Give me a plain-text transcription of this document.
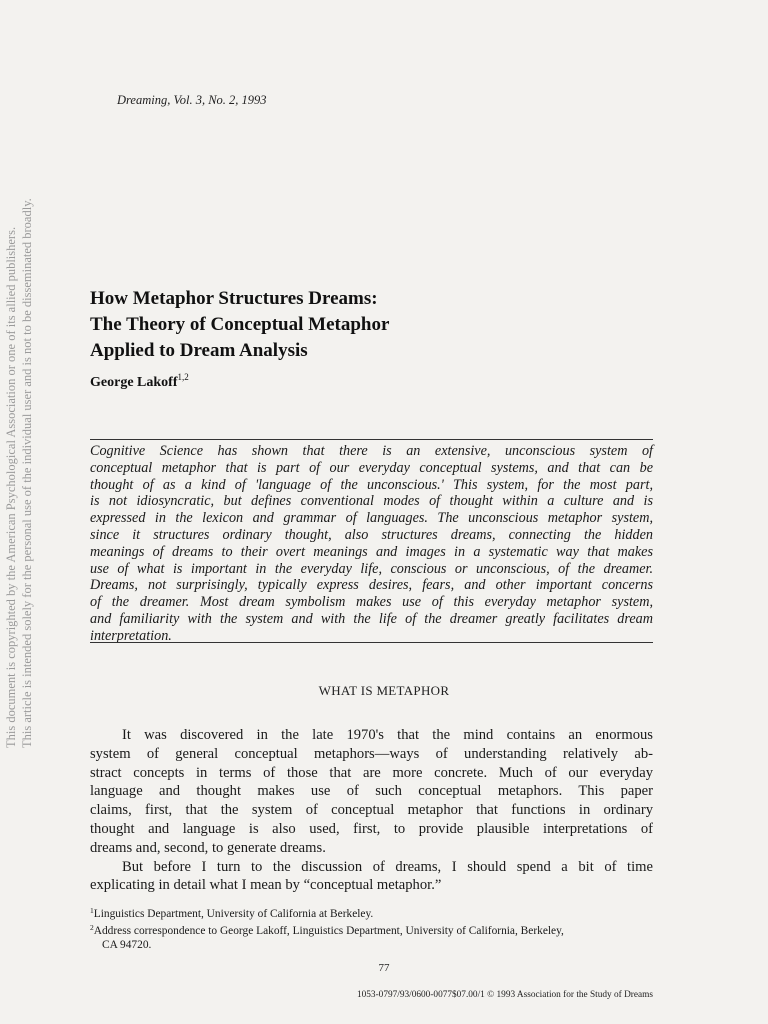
This document is copyrighted by the American Psychological Association or one of its allied publishers. This article is intended solely for the personal use of the individual user and is not to be disseminated broadly.
Dreaming, Vol. 3, No. 2, 1993
How Metaphor Structures Dreams:
The Theory of Conceptual Metaphor
Applied to Dream Analysis
George Lakoff$^{1,2}$
Cognitive Science has shown that there is an extensive, unconscious system of
conceptual metaphor that is part of our everyday conceptual systems, and that can be
thought of as a kind of 'language of the unconscious.' This system, for the most part,
is not idiosyncratic, but defines conventional modes of thought within a culture and is
expressed in the lexicon and grammar of languages. The unconscious metaphor system,
since it structures ordinary thought, also structures dreams, connecting the hidden
meanings of dreams to their overt meanings and images in a systematic way that makes
use of what is important in the everyday life, conscious or unconscious, of the dreamer.
Dreams, not surprisingly, typically express desires, fears, and other important concerns
of the dreamer. Most dream symbolism makes use of this everyday metaphor system,
and familiarity with the system and with the life of the dreamer greatly facilitates dream
interpretation.
WHAT IS METAPHOR
It was discovered in the late 1970's that the mind contains an enormous
system of general conceptual metaphors—ways of understanding relatively ab-
stract concepts in terms of those that are more concrete. Much of our everyday
language and thought makes use of such conceptual metaphors. This paper
claims, first, that the system of conceptual metaphor that functions in ordinary
thought and language is also used, first, to provide plausible interpretations of
dreams and, second, to generate dreams.
But before I turn to the discussion of dreams, I should spend a bit of time
explicating in detail what I mean by “conceptual metaphor.”
$^1$Linguistics Department, University of California at Berkeley.
$^2$Address correspondence to George Lakoff, Linguistics Department, University of California, Berkeley,
CA 94720.
77
1053-0797/93/0600-0077$07.00/1 © 1993 Association for the Study of Dreams
